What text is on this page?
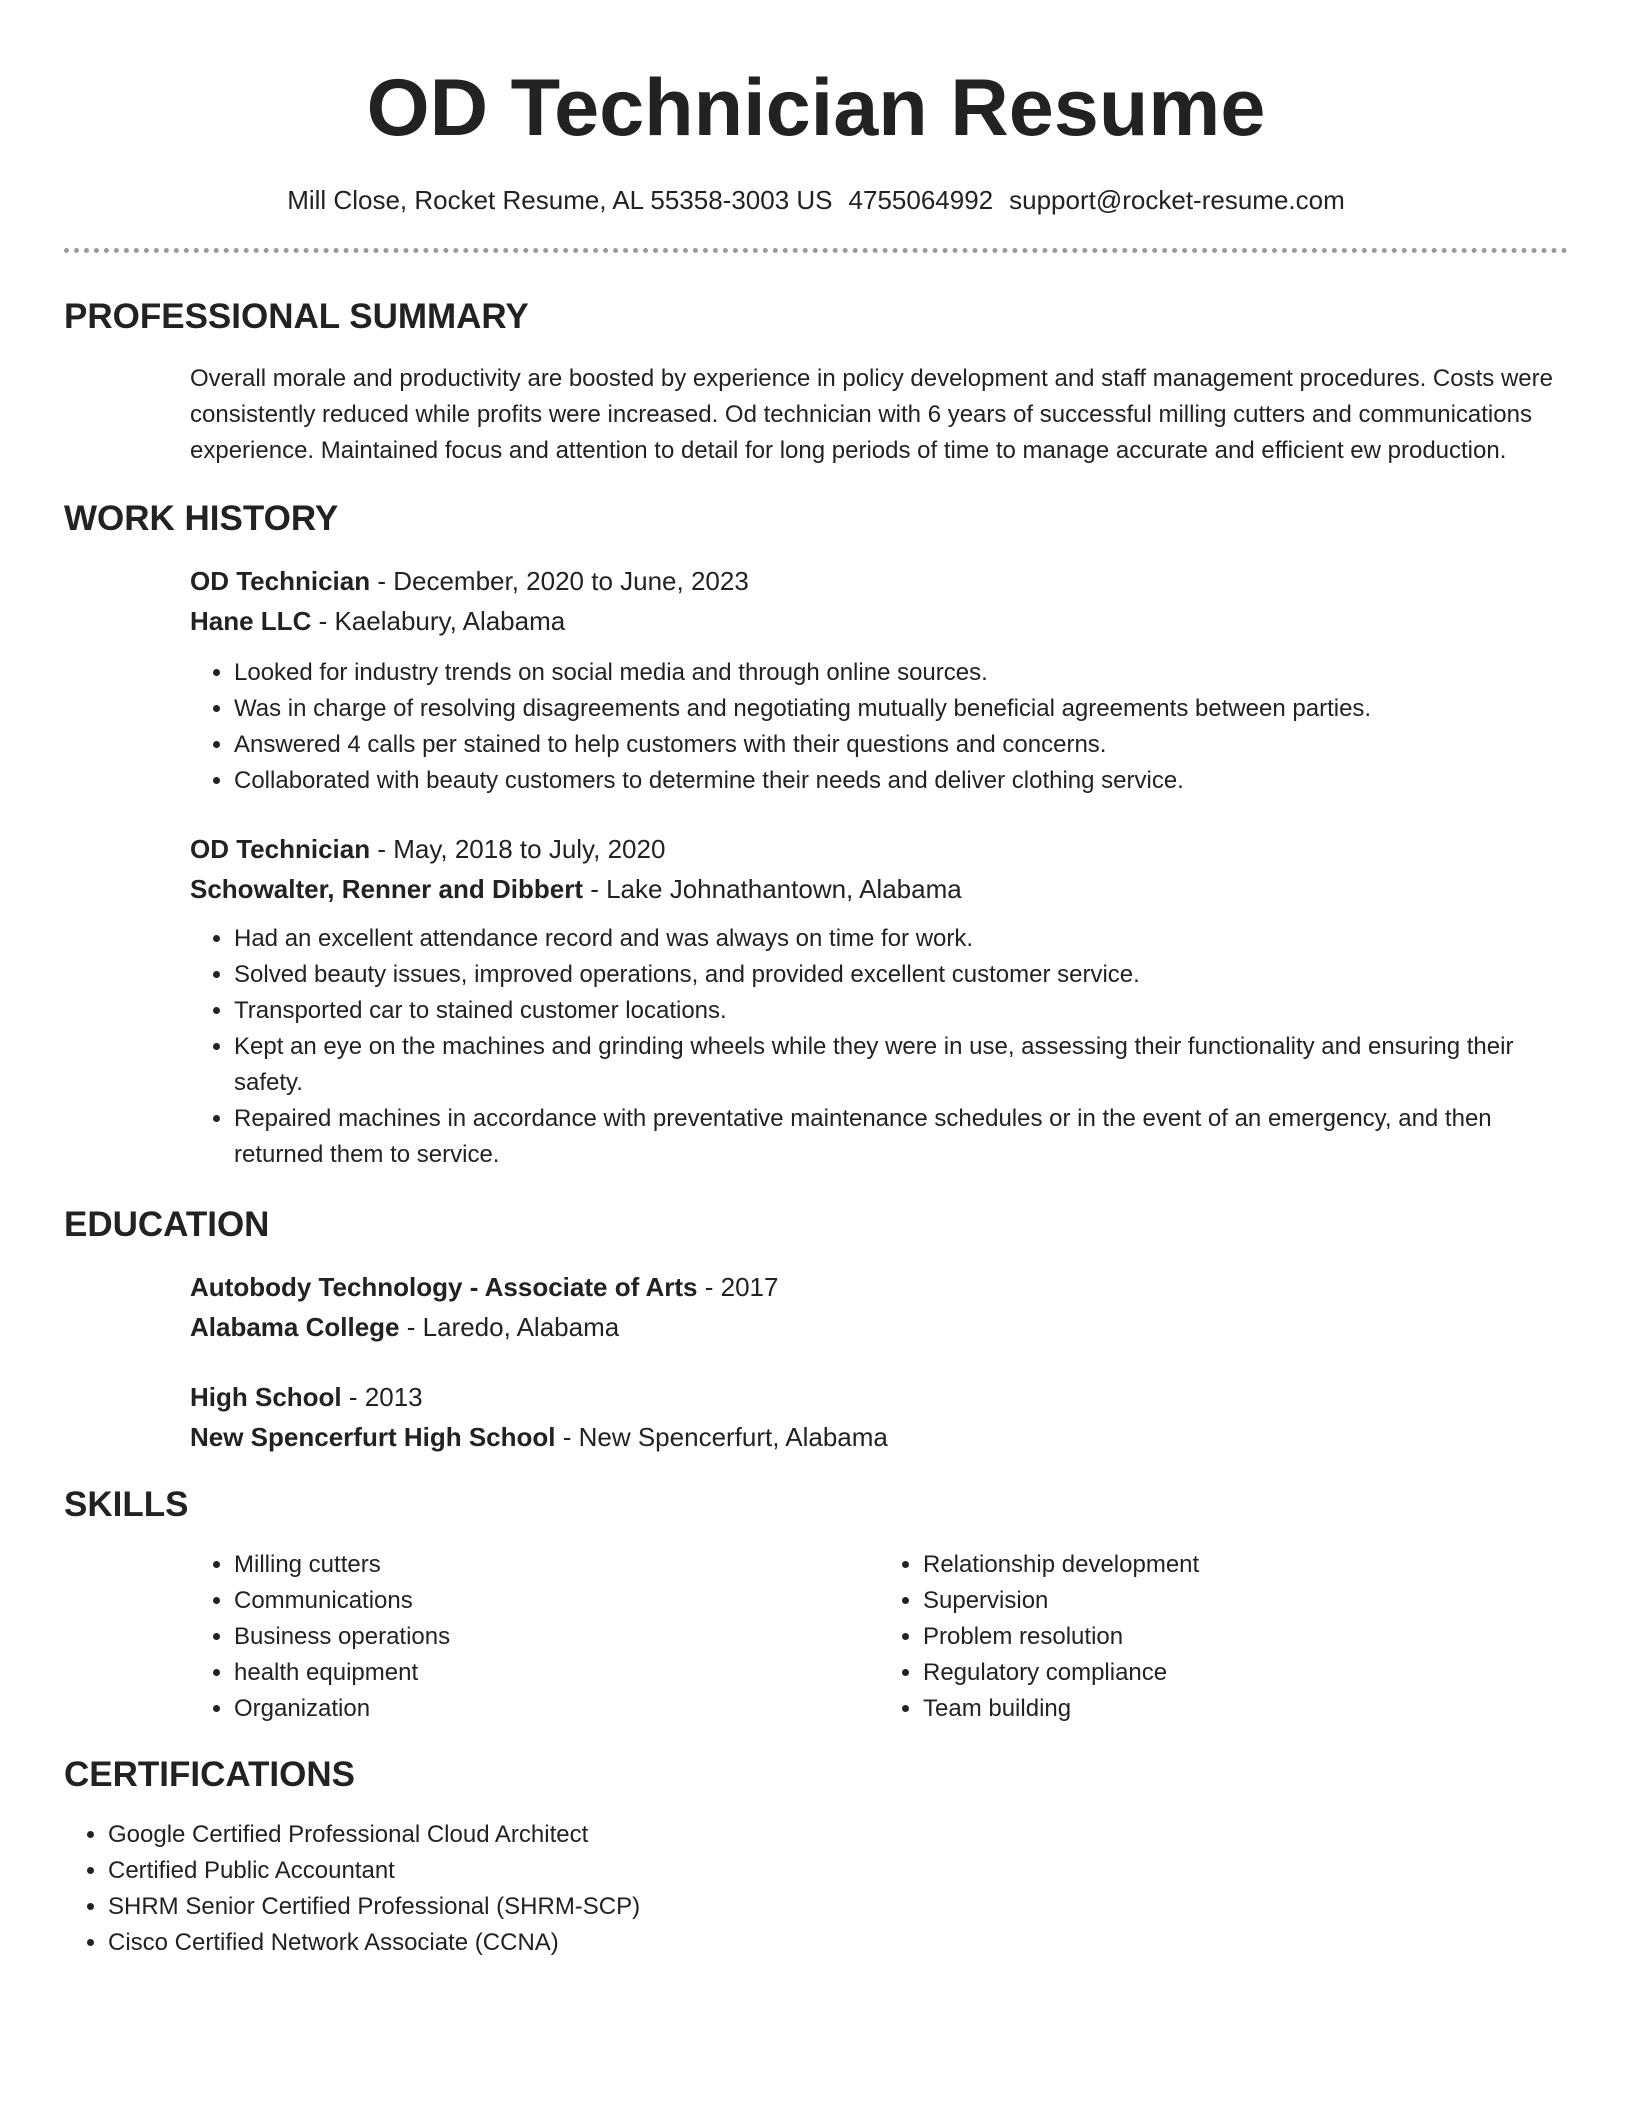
OD Technician Resume
Mill Close, Rocket Resume, AL 55358-3003 US 4755064992 support@rocket-resume.com
PROFESSIONAL SUMMARY
Overall morale and productivity are boosted by experience in policy development and staff management procedures. Costs were consistently reduced while profits were increased. Od technician with 6 years of successful milling cutters and communications experience. Maintained focus and attention to detail for long periods of time to manage accurate and efficient ew production.
WORK HISTORY
OD Technician - December, 2020 to June, 2023
Hane LLC - Kaelabury, Alabama
• Looked for industry trends on social media and through online sources.
• Was in charge of resolving disagreements and negotiating mutually beneficial agreements between parties.
• Answered 4 calls per stained to help customers with their questions and concerns.
• Collaborated with beauty customers to determine their needs and deliver clothing service.
OD Technician - May, 2018 to July, 2020
Schowalter, Renner and Dibbert - Lake Johnathantown, Alabama
• Had an excellent attendance record and was always on time for work.
• Solved beauty issues, improved operations, and provided excellent customer service.
• Transported car to stained customer locations.
• Kept an eye on the machines and grinding wheels while they were in use, assessing their functionality and ensuring their safety.
• Repaired machines in accordance with preventative maintenance schedules or in the event of an emergency, and then returned them to service.
EDUCATION
Autobody Technology - Associate of Arts - 2017
Alabama College - Laredo, Alabama
High School - 2013
New Spencerfurt High School - New Spencerfurt, Alabama
SKILLS
• Milling cutters
• Communications
• Business operations
• health equipment
• Organization
• Relationship development
• Supervision
• Problem resolution
• Regulatory compliance
• Team building
CERTIFICATIONS
• Google Certified Professional Cloud Architect
• Certified Public Accountant
• SHRM Senior Certified Professional (SHRM-SCP)
• Cisco Certified Network Associate (CCNA)
